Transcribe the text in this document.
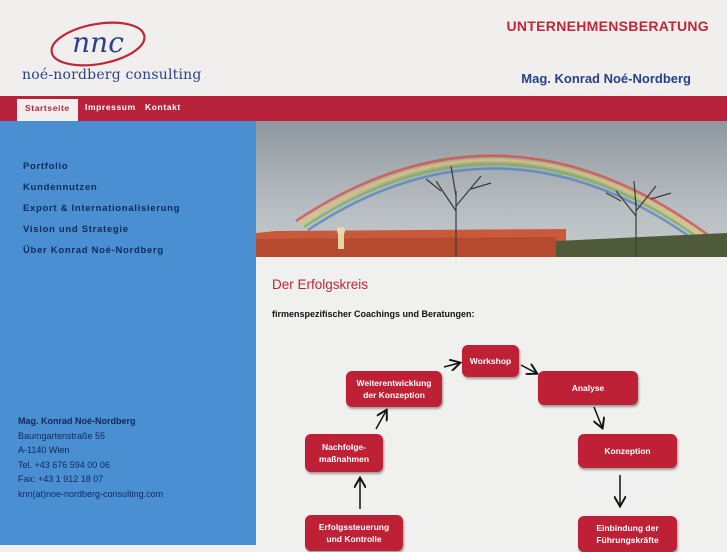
nnc
noé-nordberg consulting
UNTERNEHMENSBERATUNG
Mag. Konrad Noé-Nordberg
Startseite	Impressum Kontakt
Portfolio
Kundennutzen
Export & Internationalisierung
Vision und Strategie
Über Konrad Noé-Nordberg
Mag. Konrad Noé-Nordberg
Baumgartenstraße 55
A-1140 Wien
Tel. +43 676 594 00 06
Fax: +43 1 912 18 07
knn(at)noe-nordberg-consulting.com
Der Erfolgskreis
firmenspezifischer Coachings und Beratungen:
Workshop
Weiterentwicklung
der Konzeption
Analyse
Nachfolge-
maßnahmen
Konzeption
Erfolgssteuerung
und Kontrolle
Einbindung der
Führungskräfte
